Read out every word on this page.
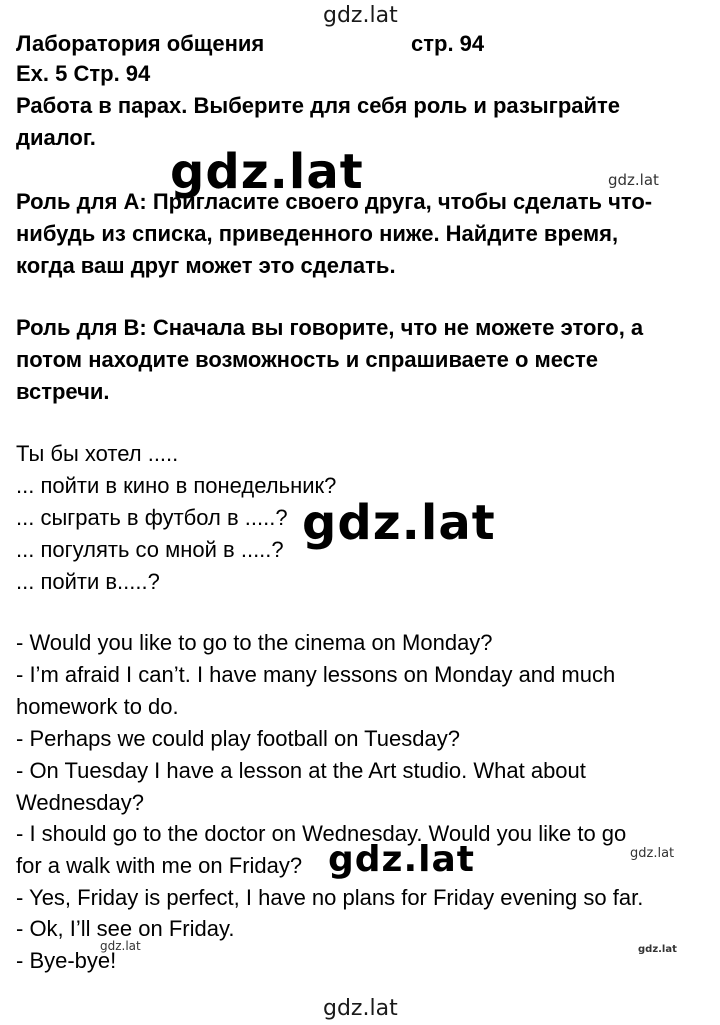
gdz.lat
Лаборатория общения	стр. 94
Ex. 5 Стр. 94
Работа в парах. Выберите для себя роль и разыграйте
диалог.
Роль для А: Пригласите своего друга, чтобы сделать что-
нибудь из списка, приведенного ниже. Найдите время,
когда ваш друг может это сделать.
Роль для В: Сначала вы говорите, что не можете этого, а
потом находите возможность и спрашиваете о месте
встречи.
Ты бы хотел .....
... пойти в кино в понедельник?
... сыграть в футбол в .....?
... погулять со мной в .....?
... пойти в.....?
- Would you like to go to the cinema on Monday?
- I’m afraid I can’t. I have many lessons on Monday and much
homework to do.
- Perhaps we could play football on Tuesday?
- On Tuesday I have a lesson at the Art studio. What about
Wednesday?
- I should go to the doctor on Wednesday. Would you like to go
for a walk with me on Friday?
- Yes, Friday is perfect, I have no plans for Friday evening so far.
- Ok, I’ll see on Friday.
- Bye-bye!
gdz.lat
gdz.lat
gdz.lat
gdz.lat
gdz.lat
gdz.lat
gdz.lat
gdz.lat
